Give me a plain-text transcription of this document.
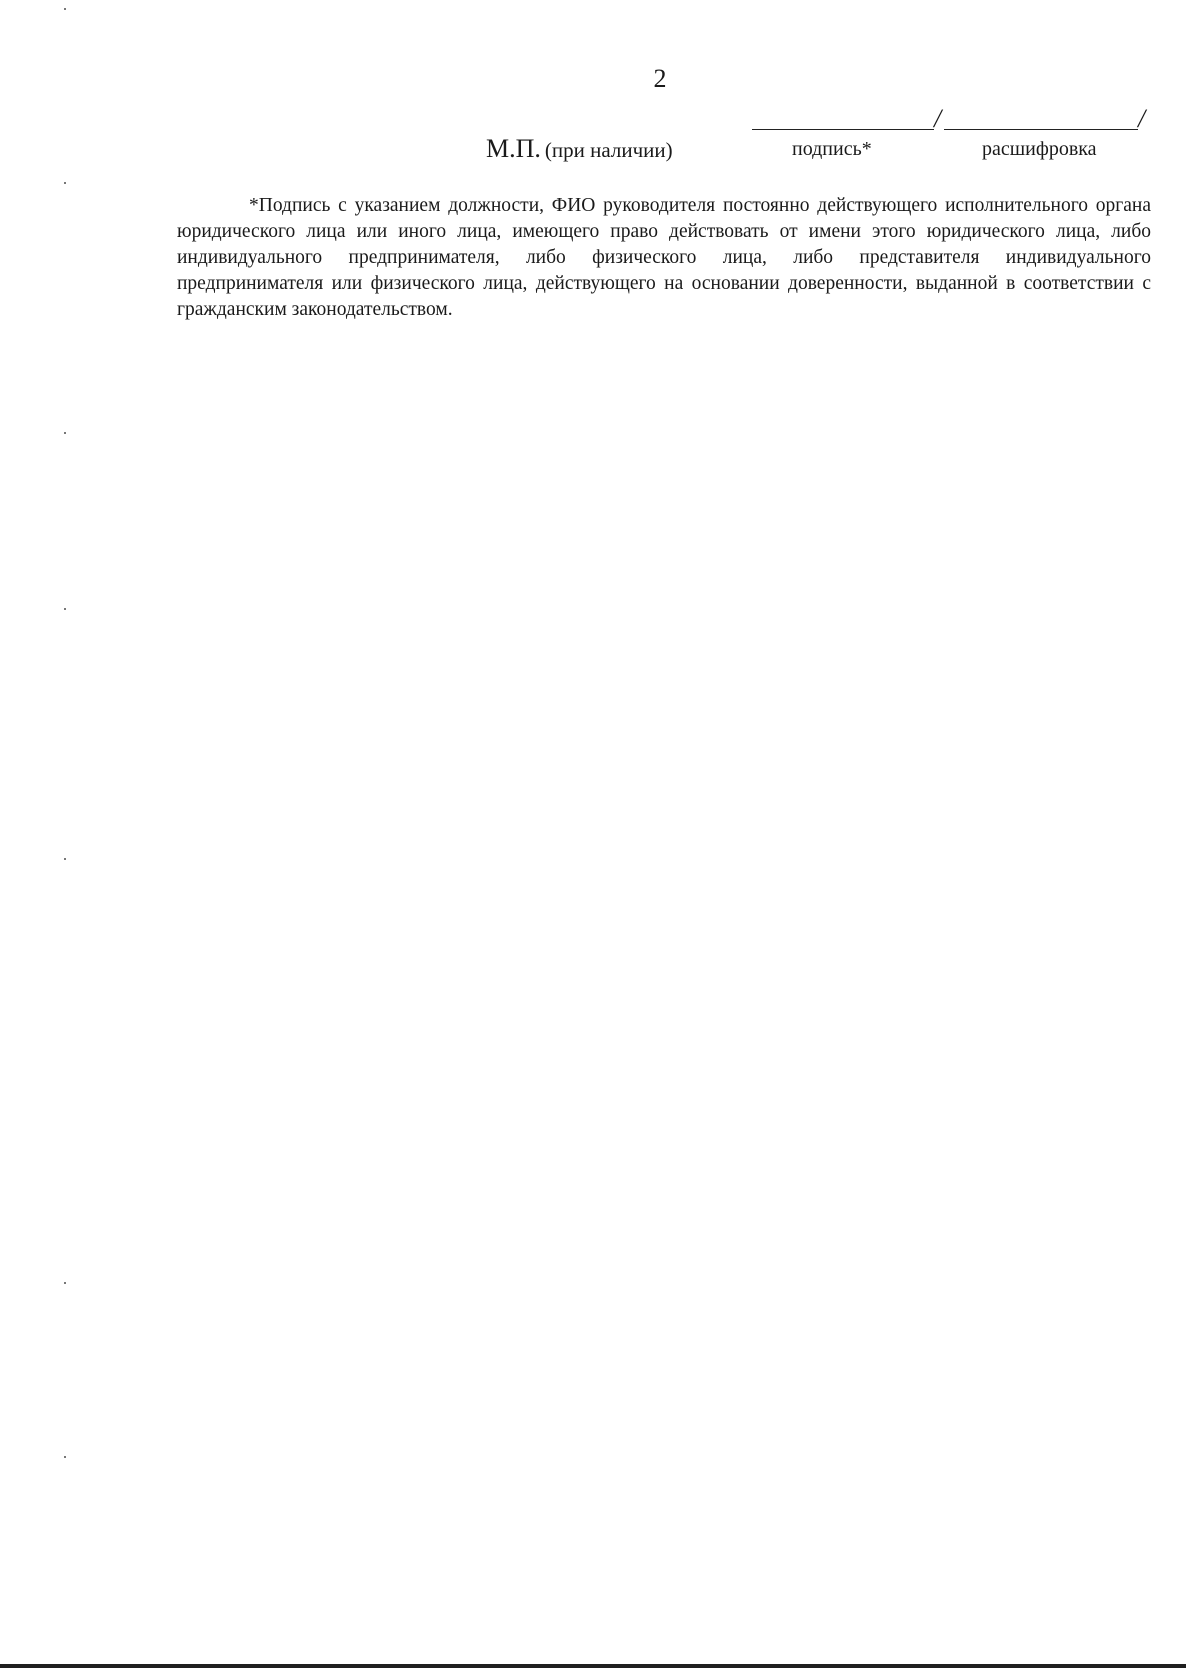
2
/	/
М.П. (при наличии)	подпись*	расшифровка

*Подпись с указанием должности, ФИО руководителя постоянно действующего исполнительного органа юридического лица или иного лица, имеющего право действовать от имени этого юридического лица, либо индивидуального предпринимателя, либо физического лица, либо представителя индивидуального предпринимателя или физического лица, действующего на основании доверенности, выданной в соответствии с гражданским законодательством.
